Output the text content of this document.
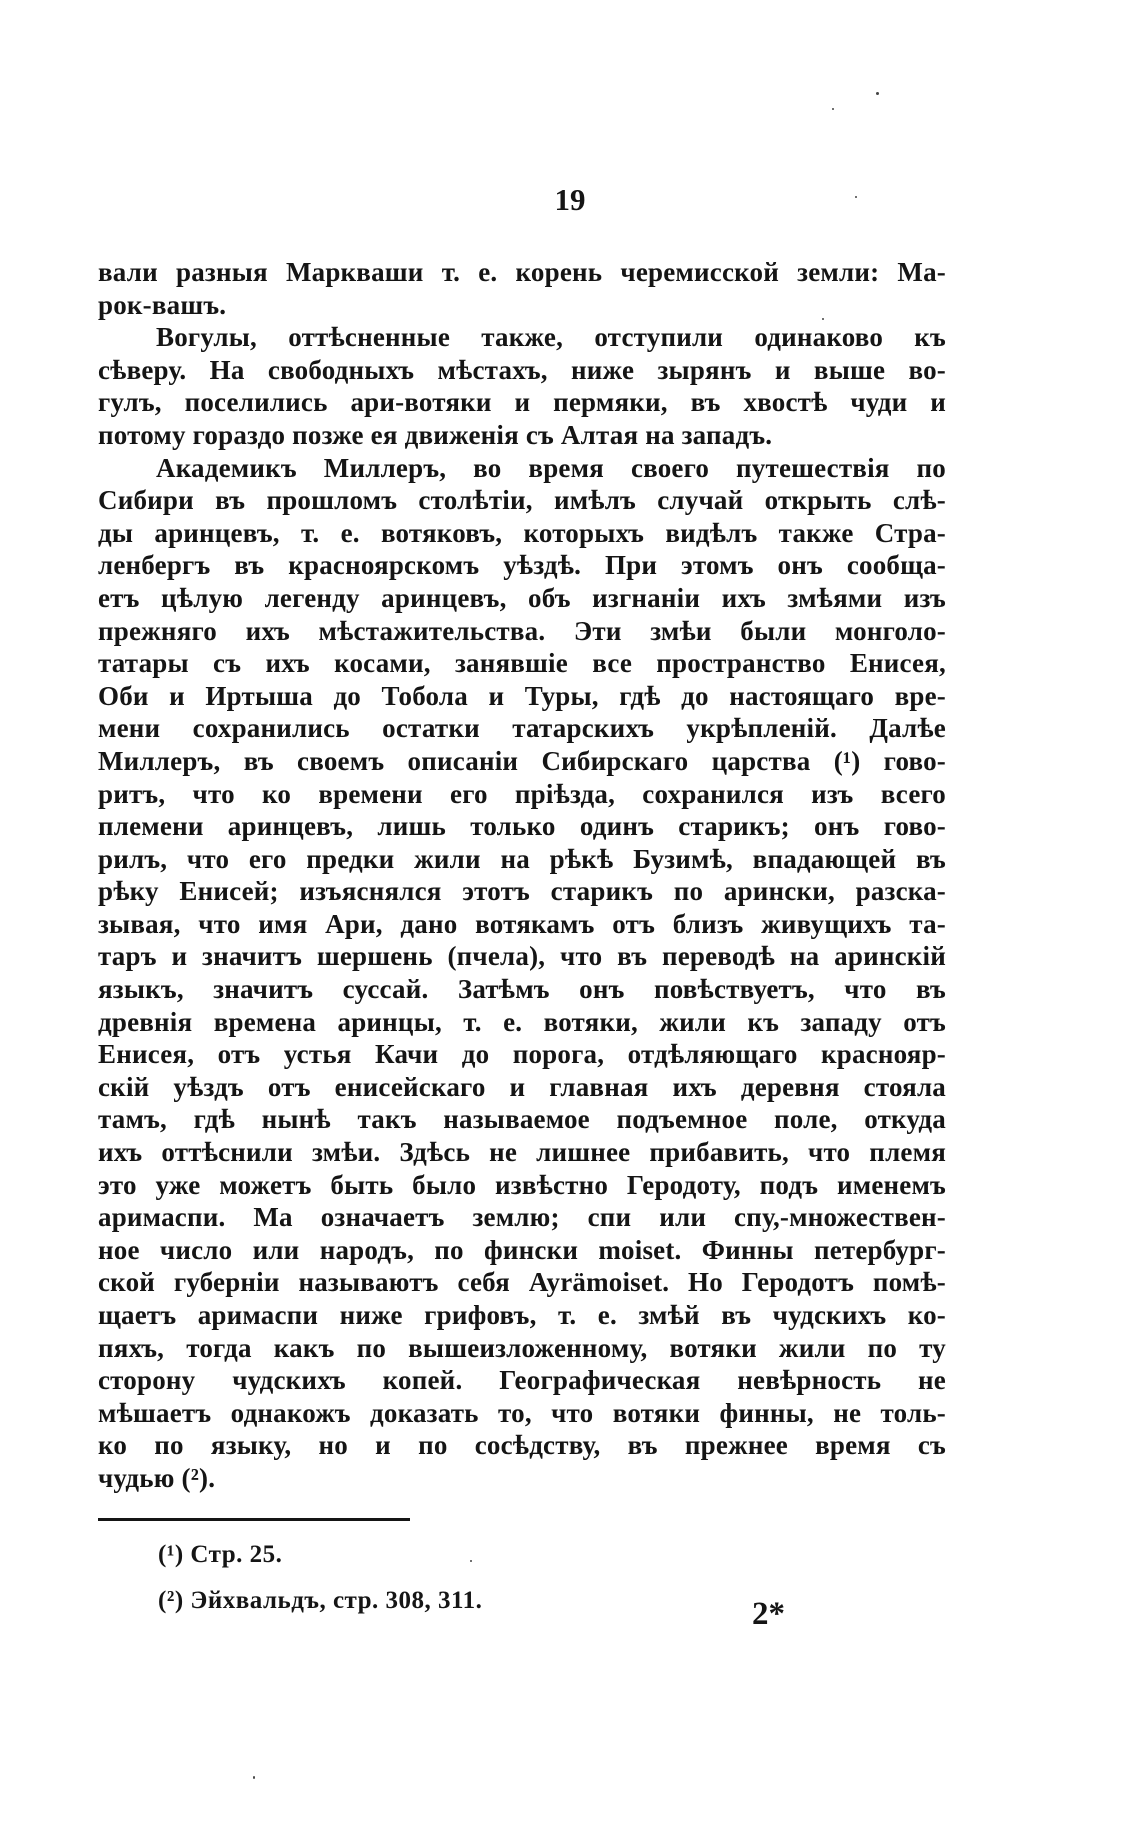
19
вали разныя Маркваши т. е. корень черемисской земли: Ма-
рок-вашъ.
Вогулы, оттѣсненные также, отступили одинаково къ
сѣверу. На свободныхъ мѣстахъ, ниже зырянъ и выше во-
гулъ, поселились ари-вотяки и пермяки, въ хвостѣ чуди и
потому гораздо позже ея движенія съ Алтая на западъ.
Академикъ Миллеръ, во время своего путешествія по
Сибири въ прошломъ столѣтіи, имѣлъ случай открыть слѣ-
ды аринцевъ, т. е. вотяковъ, которыхъ видѣлъ также Стра-
ленбергъ въ красноярскомъ уѣздѣ. При этомъ онъ сообща-
етъ цѣлую легенду аринцевъ, объ изгнаніи ихъ змѣями изъ
прежняго ихъ мѣстажительства. Эти змѣи были монголо-
татары съ ихъ косами, занявшіе все пространство Енисея,
Оби и Иртыша до Тобола и Туры, гдѣ до настоящаго вре-
мени сохранились остатки татарскихъ укрѣпленій. Далѣе
Миллеръ, въ своемъ описаніи Сибирскаго царства (¹) гово-
ритъ, что ко времени его пріѣзда, сохранился изъ всего
племени аринцевъ, лишь только одинъ старикъ; онъ гово-
рилъ, что его предки жили на рѣкѣ Бузимѣ, впадающей въ
рѣку Енисей; изъяснялся этотъ старикъ по арински, разска-
зывая, что имя Ари, дано вотякамъ отъ близъ живущихъ та-
таръ и значитъ шершень (пчела), что въ переводѣ на аринскій
языкъ, значитъ суссай. Затѣмъ онъ повѣствуетъ, что въ
древнія времена аринцы, т. е. вотяки, жили къ западу отъ
Енисея, отъ устья Качи до порога, отдѣляющаго краснояр-
скій уѣздъ отъ енисейскаго и главная ихъ деревня стояла
тамъ, гдѣ нынѣ такъ называемое подъемное поле, откуда
ихъ оттѣснили змѣи. Здѣсь не лишнее прибавить, что племя
это уже можетъ быть было извѣстно Геродоту, подъ именемъ
аримаспи. Ма означаетъ землю; спи или спу,-множествен-
ное число или народъ, по фински moiset. Финны петербург-
ской губерніи называютъ себя Ayrämoiset. Но Геродотъ помѣ-
щаетъ аримаспи ниже грифовъ, т. е. змѣй въ чудскихъ ко-
пяхъ, тогда какъ по вышеизложенному, вотяки жили по ту
сторону чудскихъ копей. Географическая невѣрность не
мѣшаетъ однакожъ доказать то, что вотяки финны, не толь-
ко по языку, но и по сосѣдству, въ прежнее время съ
чудью (²).
(¹) Стр. 25.
(²) Эйхвальдъ, стр. 308, 311.	2*
